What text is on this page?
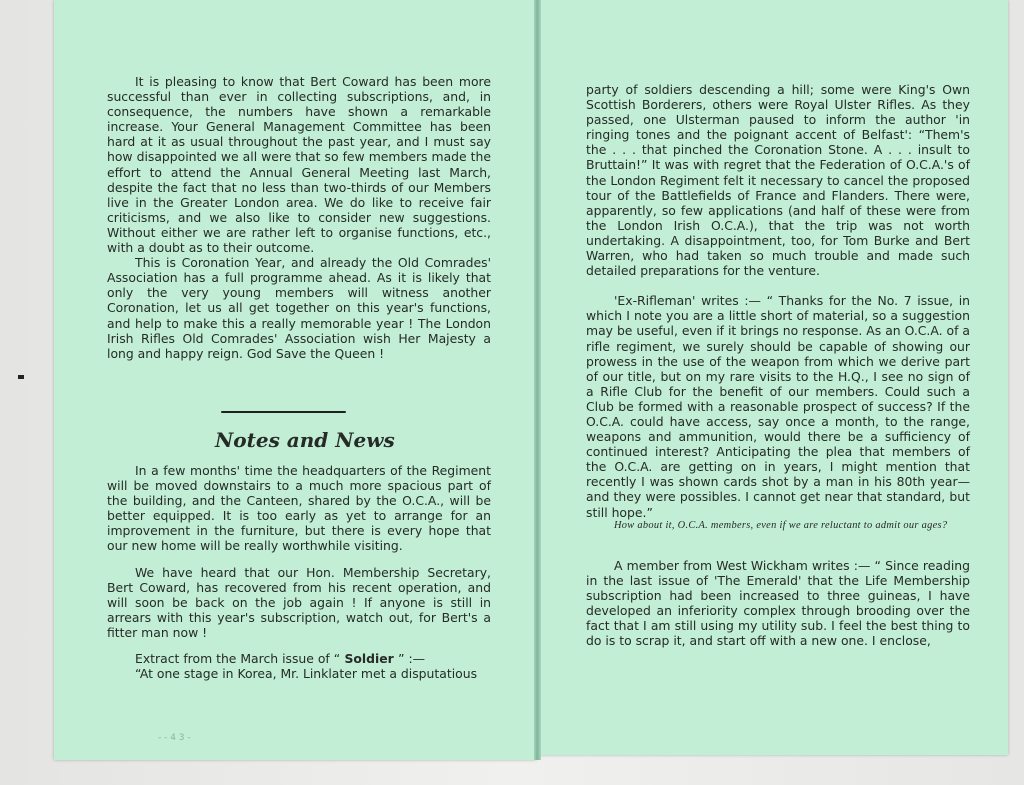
It is pleasing to know that Bert Coward has been more successful than ever in collecting subscriptions, and, in consequence, the numbers have shown a remarkable increase. Your General Management Committee has been hard at it as usual throughout the past year, and I must say how disappointed we all were that so few members made the effort to attend the Annual General Meeting last March, despite the fact that no less than two-thirds of our Members live in the Greater London area. We do like to receive fair criticisms, and we also like to consider new suggestions. Without either we are rather left to organise functions, etc., with a doubt as to their outcome.

This is Coronation Year, and already the Old Comrades' Association has a full programme ahead. As it is likely that only the very young members will witness another Coronation, let us all get together on this year's functions, and help to make this a really memorable year ! The London Irish Rifles Old Comrades' Association wish Her Majesty a long and happy reign. God Save the Queen !

Notes and News

In a few months' time the headquarters of the Regiment will be moved downstairs to a much more spacious part of the building, and the Canteen, shared by the O.C.A., will be better equipped. It is too early as yet to arrange for an improvement in the furniture, but there is every hope that our new home will be really worthwhile visiting.

We have heard that our Hon. Membership Secretary, Bert Coward, has recovered from his recent operation, and will soon be back on the job again ! If anyone is still in arrears with this year's subscription, watch out, for Bert's a fitter man now !

Extract from the March issue of “ Soldier ” :—

“At one stage in Korea, Mr. Linklater met a disputatious

- - 4 3 -

party of soldiers descending a hill; some were King's Own Scottish Borderers, others were Royal Ulster Rifles. As they passed, one Ulsterman paused to inform the author 'in ringing tones and the poignant accent of Belfast': “Them's the . . . that pinched the Coronation Stone. A . . . insult to Bruttain!” It was with regret that the Federation of O.C.A.'s of the London Regiment felt it necessary to cancel the proposed tour of the Battlefields of France and Flanders. There were, apparently, so few applications (and half of these were from the London Irish O.C.A.), that the trip was not worth undertaking. A disappointment, too, for Tom Burke and Bert Warren, who had taken so much trouble and made such detailed preparations for the venture.

'Ex-Rifleman' writes :— “ Thanks for the No. 7 issue, in which I note you are a little short of material, so a suggestion may be useful, even if it brings no response. As an O.C.A. of a rifle regiment, we surely should be capable of showing our prowess in the use of the weapon from which we derive part of our title, but on my rare visits to the H.Q., I see no sign of a Rifle Club for the benefit of our members. Could such a Club be formed with a reasonable prospect of success? If the O.C.A. could have access, say once a month, to the range, weapons and ammunition, would there be a sufficiency of continued interest? Anticipating the plea that members of the O.C.A. are getting on in years, I might mention that recently I was shown cards shot by a man in his 80th year—and they were possibles. I cannot get near that standard, but still hope.”

How about it, O.C.A. members, even if we are reluctant to admit our ages?

A member from West Wickham writes :— “ Since reading in the last issue of 'The Emerald' that the Life Membership subscription had been increased to three guineas, I have developed an inferiority complex through brooding over the fact that I am still using my utility sub. I feel the best thing to do is to scrap it, and start off with a new one. I enclose,
